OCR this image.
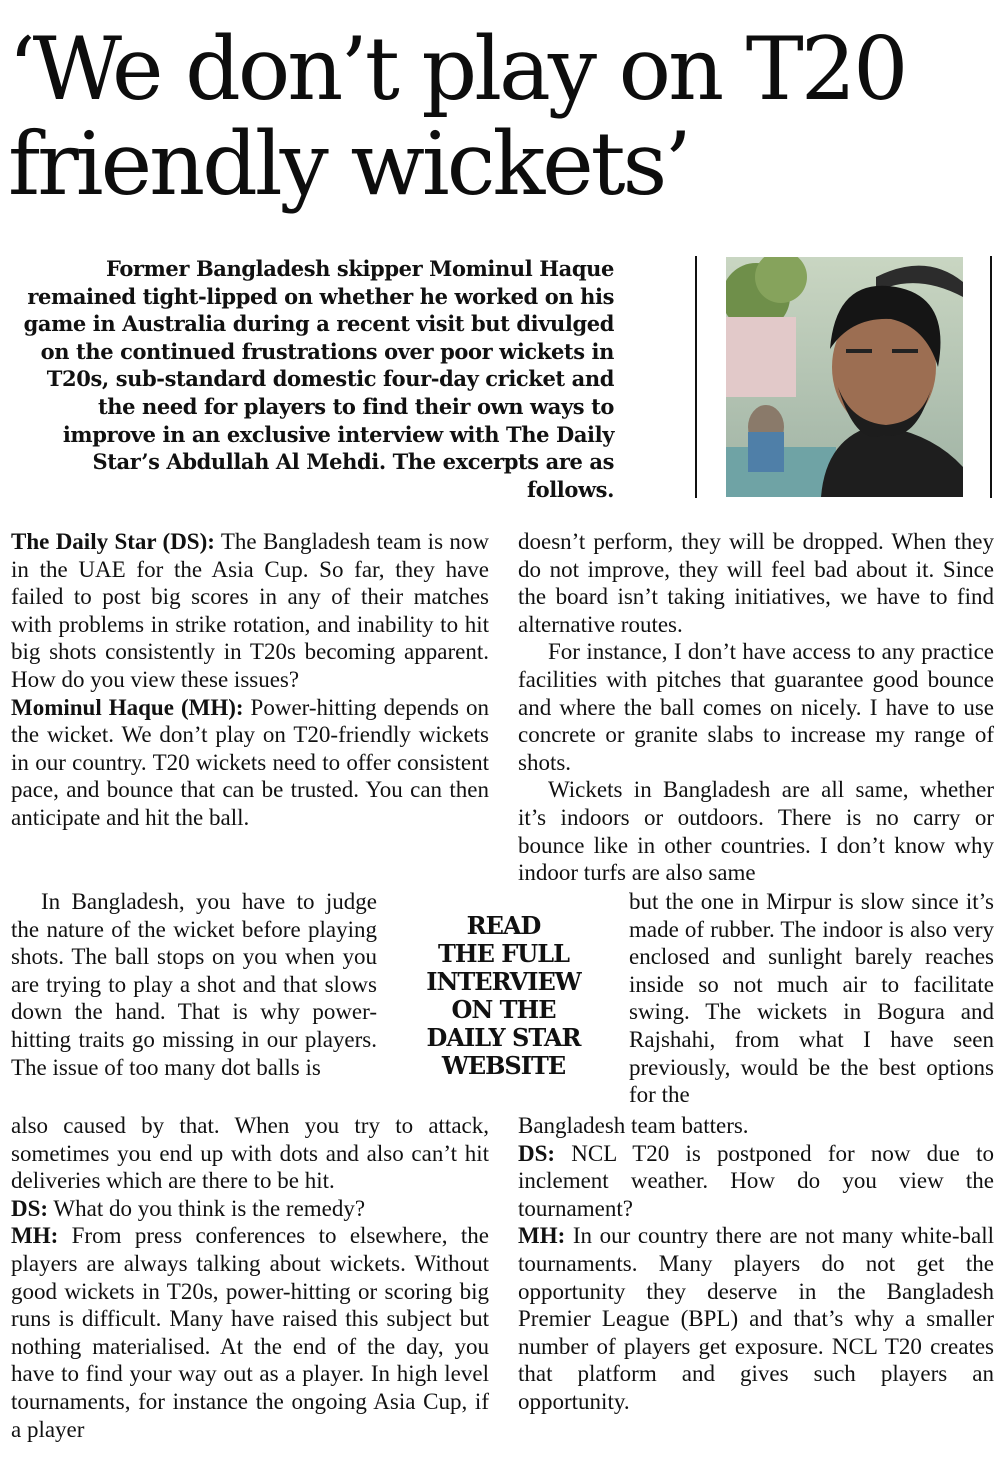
‘We don’t play on T20
friendly wickets’

Former Bangladesh skipper Mominul Haque remained tight-lipped on whether he worked on his game in Australia during a recent visit but divulged on the continued frustrations over poor wickets in T20s, sub-standard domestic four-day cricket and the need for players to find their own ways to improve in an exclusive interview with The Daily Star’s Abdullah Al Mehdi. The excerpts are as follows.

The Daily Star (DS): The Bangladesh team is now in the UAE for the Asia Cup. So far, they have failed to post big scores in any of their matches with problems in strike rotation, and inability to hit big shots consistently in T20s becoming apparent. How do you view these issues?

Mominul Haque (MH): Power-hitting depends on the wicket. We don’t play on T20-friendly wickets in our country. T20 wickets need to offer consistent pace, and bounce that can be trusted. You can then anticipate and hit the ball.

In Bangladesh, you have to judge the nature of the wicket before playing shots. The ball stops on you when you are trying to play a shot and that slows down the hand. That is why power-hitting traits go missing in our players. The issue of too many dot balls is

also caused by that. When you try to attack, sometimes you end up with dots and also can’t hit deliveries which are there to be hit.

DS: What do you think is the remedy?

MH: From press conferences to elsewhere, the players are always talking about wickets. Without good wickets in T20s, power-hitting or scoring big runs is difficult. Many have raised this subject but nothing materialised. At the end of the day, you have to find your way out as a player. In high level tournaments, for instance the ongoing Asia Cup, if a player

READ
THE FULL
INTERVIEW
ON THE
DAILY STAR
WEBSITE

doesn’t perform, they will be dropped. When they do not improve, they will feel bad about it. Since the board isn’t taking initiatives, we have to find alternative routes.

For instance, I don’t have access to any practice facilities with pitches that guarantee good bounce and where the ball comes on nicely. I have to use concrete or granite slabs to increase my range of shots.

Wickets in Bangladesh are all same, whether it’s indoors or outdoors. There is no carry or bounce like in other countries. I don’t know why indoor turfs are also same

but the one in Mirpur is slow since it’s made of rubber. The indoor is also very enclosed and sunlight barely reaches inside so not much air to facilitate swing. The wickets in Bogura and Rajshahi, from what I have seen previously, would be the best options for the

Bangladesh team batters.

DS: NCL T20 is postponed for now due to inclement weather. How do you view the tournament?

MH: In our country there are not many white-ball tournaments. Many players do not get the opportunity they deserve in the Bangladesh Premier League (BPL) and that’s why a smaller number of players get exposure. NCL T20 creates that platform and gives such players an opportunity.
